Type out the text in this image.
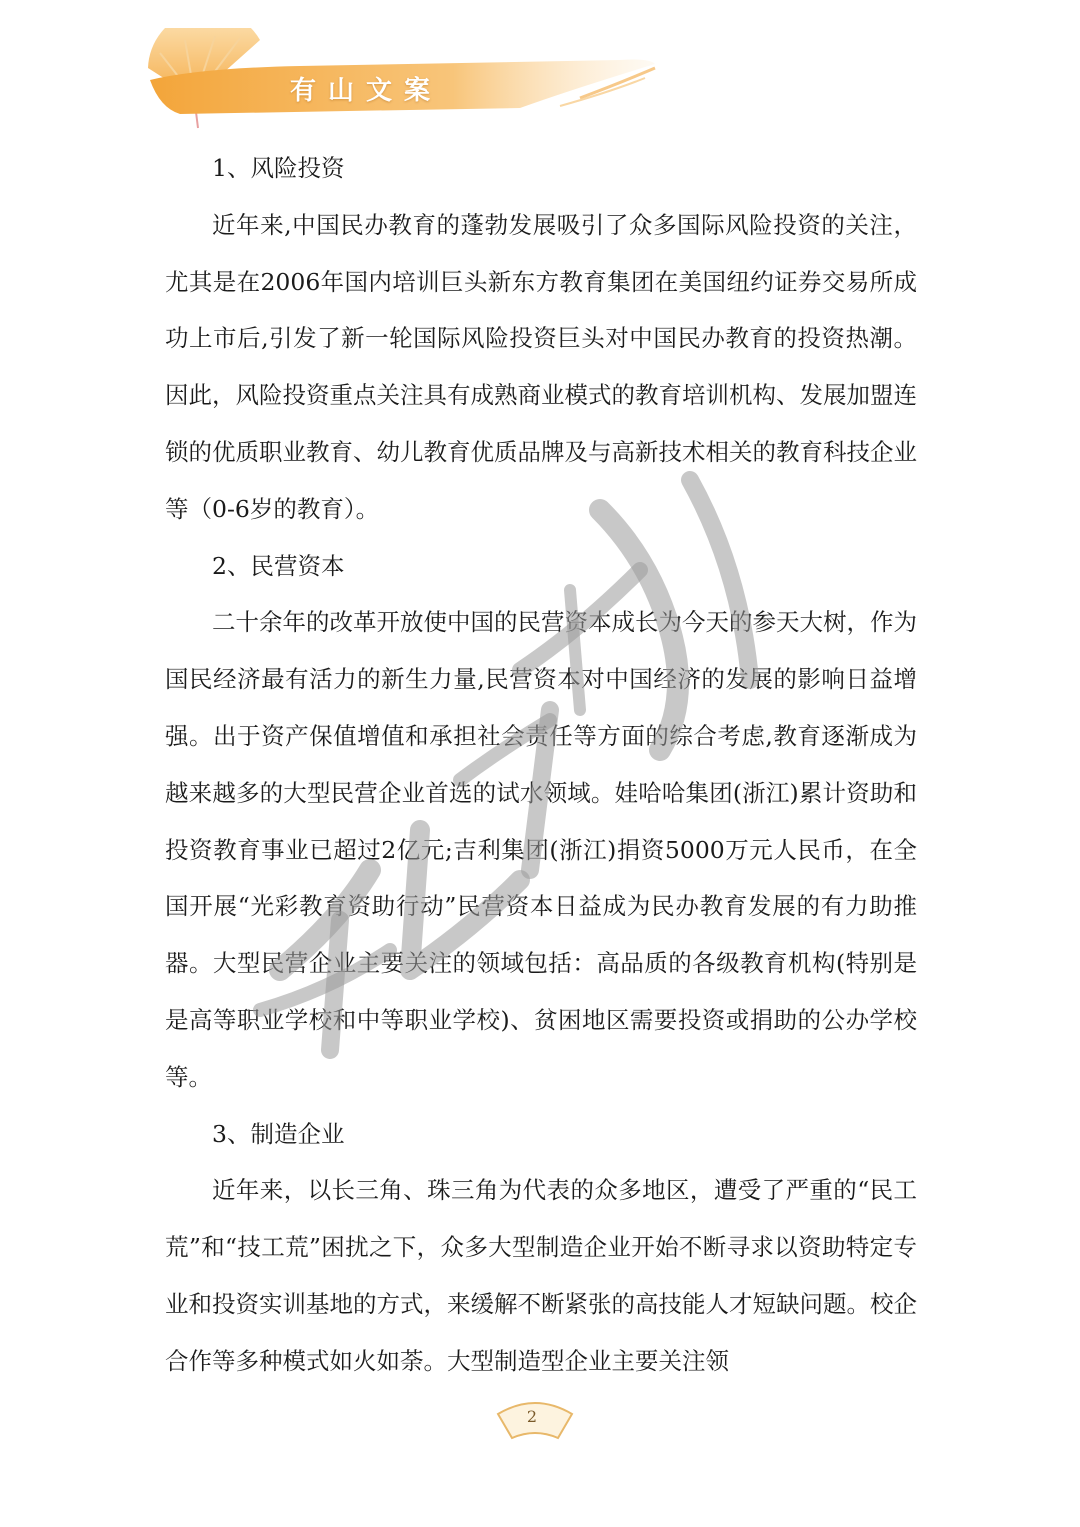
有山文案

1、风险投资

近年来,中国民办教育的蓬勃发展吸引了众多国际风险投资的关注，尤其是在2006年国内培训巨头新东方教育集团在美国纽约证券交易所成功上市后,引发了新一轮国际风险投资巨头对中国民办教育的投资热潮。因此，风险投资重点关注具有成熟商业模式的教育培训机构、发展加盟连锁的优质职业教育、幼儿教育优质品牌及与高新技术相关的教育科技企业等（0-6岁的教育）。

2、民营资本

二十余年的改革开放使中国的民营资本成长为今天的参天大树，作为国民经济最有活力的新生力量,民营资本对中国经济的发展的影响日益增强。出于资产保值增值和承担社会责任等方面的综合考虑,教育逐渐成为越来越多的大型民营企业首选的试水领域。娃哈哈集团(浙江)累计资助和投资教育事业已超过2亿元;吉利集团(浙江)捐资5000万元人民币，在全国开展“光彩教育资助行动”民营资本日益成为民办教育发展的有力助推器。大型民营企业主要关注的领域包括：高品质的各级教育机构(特别是是高等职业学校和中等职业学校)、贫困地区需要投资或捐助的公办学校等。

3、制造企业

近年来，以长三角、珠三角为代表的众多地区，遭受了严重的“民工荒”和“技工荒”困扰之下，众多大型制造企业开始不断寻求以资助特定专业和投资实训基地的方式，来缓解不断紧张的高技能人才短缺问题。校企合作等多种模式如火如荼。大型制造型企业主要关注领

2
